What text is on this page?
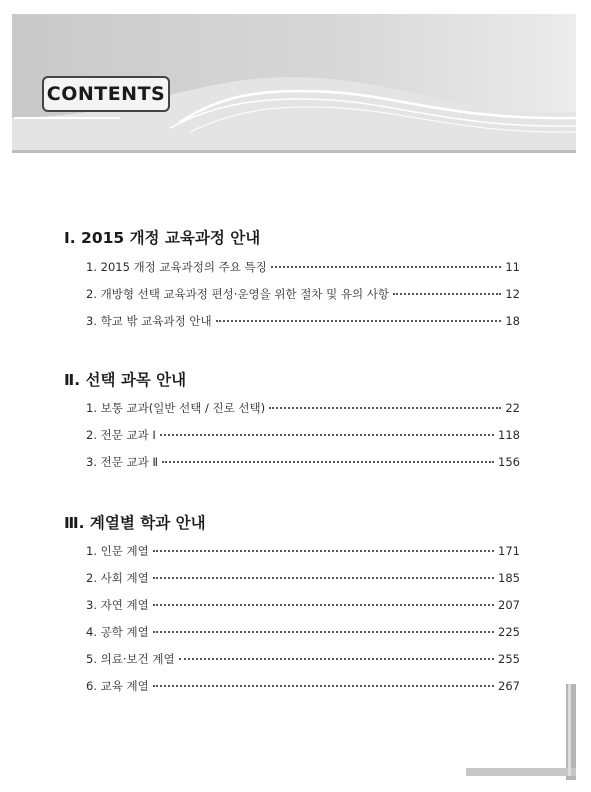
CONTENTS
Ⅰ. 2015 개정 교육과정 안내
1. 2015 개정 교육과정의 주요 특징	11
2. 개방형 선택 교육과정 편성·운영을 위한 절차 및 유의 사항	12
3. 학교 밖 교육과정 안내	18
Ⅱ. 선택 과목 안내
1. 보통 교과(일반 선택 / 진로 선택)	22
2. 전문 교과 Ⅰ	118
3. 전문 교과 Ⅱ	156
Ⅲ. 계열별 학과 안내
1. 인문 계열	171
2. 사회 계열	185
3. 자연 계열	207
4. 공학 계열	225
5. 의료·보건 계열	255
6. 교육 계열	267
